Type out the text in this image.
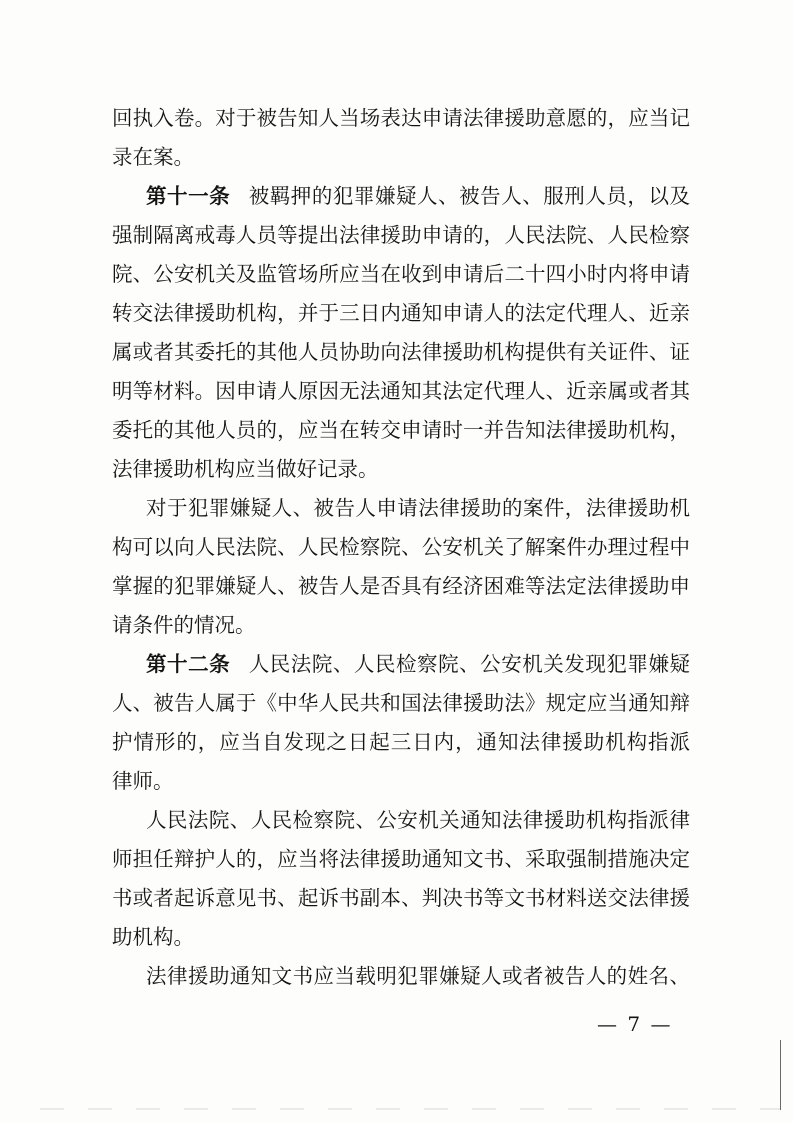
回执入卷。对于被告知人当场表达申请法律援助意愿的，应当记
录在案。
第十一条 被羁押的犯罪嫌疑人、被告人、服刑人员，以及
强制隔离戒毒人员等提出法律援助申请的，人民法院、人民检察
院、公安机关及监管场所应当在收到申请后二十四小时内将申请
转交法律援助机构，并于三日内通知申请人的法定代理人、近亲
属或者其委托的其他人员协助向法律援助机构提供有关证件、证
明等材料。因申请人原因无法通知其法定代理人、近亲属或者其
委托的其他人员的，应当在转交申请时一并告知法律援助机构，
法律援助机构应当做好记录。
对于犯罪嫌疑人、被告人申请法律援助的案件，法律援助机
构可以向人民法院、人民检察院、公安机关了解案件办理过程中
掌握的犯罪嫌疑人、被告人是否具有经济困难等法定法律援助申
请条件的情况。
第十二条 人民法院、人民检察院、公安机关发现犯罪嫌疑
人、被告人属于《中华人民共和国法律援助法》规定应当通知辩
护情形的，应当自发现之日起三日内，通知法律援助机构指派
律师。
人民法院、人民检察院、公安机关通知法律援助机构指派律
师担任辩护人的，应当将法律援助通知文书、采取强制措施决定
书或者起诉意见书、起诉书副本、判决书等文书材料送交法律援
助机构。
法律援助通知文书应当载明犯罪嫌疑人或者被告人的姓名、
— 7 —
